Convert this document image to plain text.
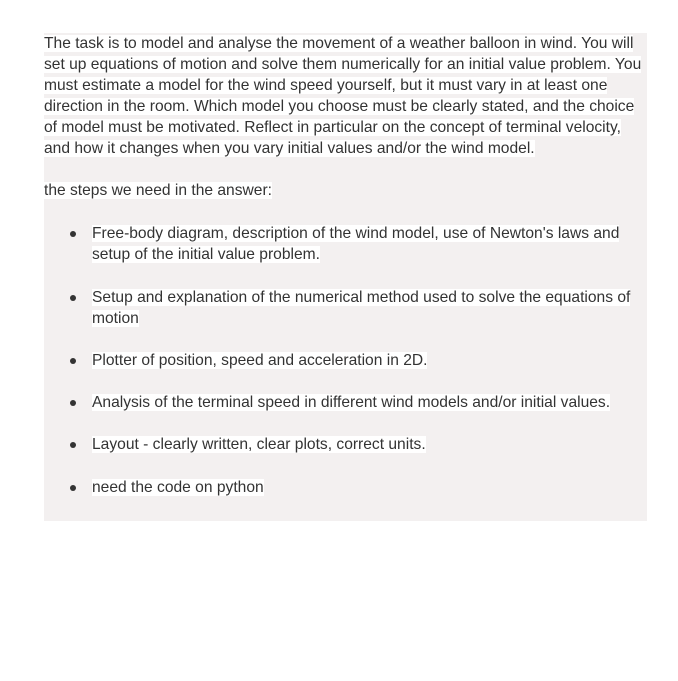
The task is to model and analyse the movement of a weather balloon in wind. You will set up equations of motion and solve them numerically for an initial value problem. You must estimate a model for the wind speed yourself, but it must vary in at least one direction in the room. Which model you choose must be clearly stated, and the choice of model must be motivated. Reflect in particular on the concept of terminal velocity, and how it changes when you vary initial values and/or the wind model.

the steps we need in the answer:

Free-body diagram, description of the wind model, use of Newton's laws and setup of the initial value problem.
Setup and explanation of the numerical method used to solve the equations of motion
Plotter of position, speed and acceleration in 2D.
Analysis of the terminal speed in different wind models and/or initial values.
Layout - clearly written, clear plots, correct units.
need the code on python
